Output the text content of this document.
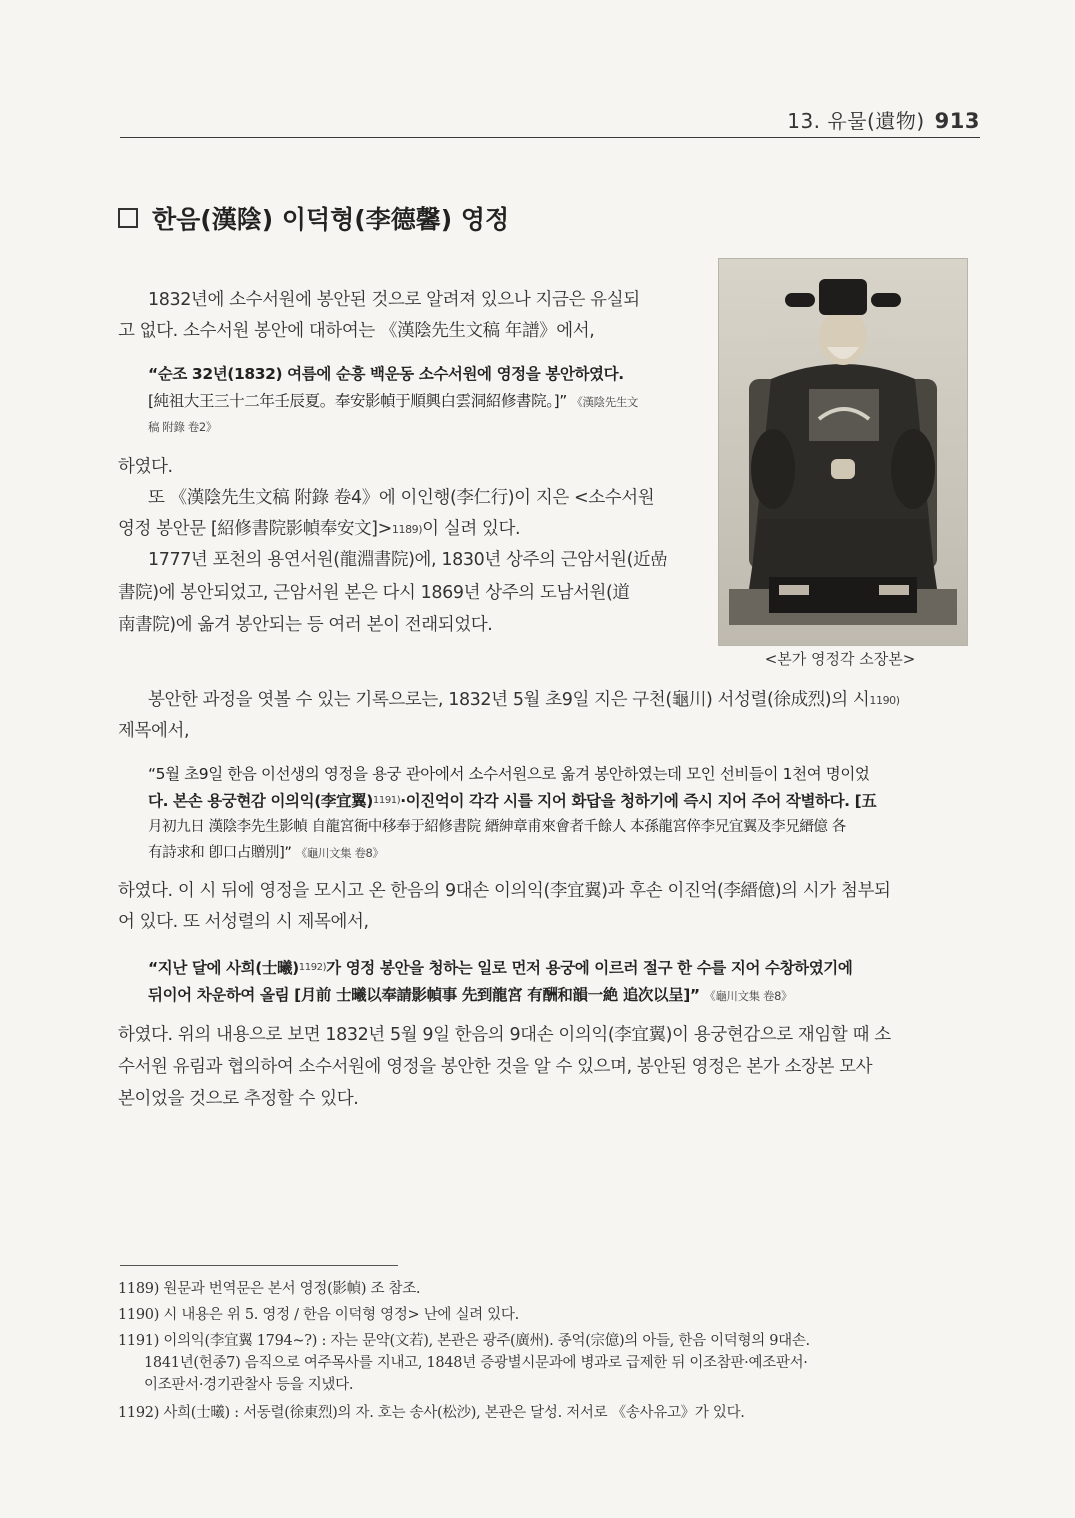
13. 유물(遺物) 913
한음(漢陰) 이덕형(李德馨) 영정
1832년에 소수서원에 봉안된 것으로 알려져 있으나 지금은 유실되
고 없다. 소수서원 봉안에 대하여는 《漢陰先生文稿 年譜》에서,
“순조 32년(1832) 여름에 순흥 백운동 소수서원에 영정을 봉안하였다.
[純祖大王三十二年壬辰夏。奉安影幀于順興白雲洞紹修書院。]” 《漢陰先生文
稿 附錄 卷2》
하였다.
또 《漢陰先生文稿 附錄 卷4》에 이인행(李仁行)이 지은 <소수서원
영정 봉안문 [紹修書院影幀奉安文]>$^{1189)}$이 실려 있다.
1777년 포천의 용연서원(龍淵書院)에, 1830년 상주의 근암서원(近嵒
書院)에 봉안되었고, 근암서원 본은 다시 1869년 상주의 도남서원(道
南書院)에 옮겨 봉안되는 등 여러 본이 전래되었다.
봉안한 과정을 엿볼 수 있는 기록으로는, 1832년 5월 초9일 지은 구천(龜川) 서성렬(徐成烈)의 시$^{1190)}$
제목에서,
“5월 초9일 한음 이선생의 영정을 용궁 관아에서 소수서원으로 옮겨 봉안하였는데 모인 선비들이 1천여 명이었
다. 본손 용궁현감 이의익(李宜翼)$^{1191)}$·이진억이 각각 시를 지어 화답을 청하기에 즉시 지어 주어 작별하다. [五
月初九日 漢陰李先生影幀 自龍宮衙中移奉于紹修書院 縉紳章甫來會者千餘人 本孫龍宮倅李兄宜翼及李兄縉億 各
有詩求和 卽口占贈別]” 《龜川文集 卷8》
하였다. 이 시 뒤에 영정을 모시고 온 한음의 9대손 이의익(李宜翼)과 후손 이진억(李縉億)의 시가 첨부되
어 있다. 또 서성렬의 시 제목에서,
“지난 달에 사희(士曦)$^{1192)}$가 영정 봉안을 청하는 일로 먼저 용궁에 이르러 절구 한 수를 지어 수창하였기에
뒤이어 차운하여 올림 [月前 士曦以奉請影幀事 先到龍宮 有酬和韻一絶 追次以呈]” 《龜川文集 卷8》
하였다. 위의 내용으로 보면 1832년 5월 9일 한음의 9대손 이의익(李宜翼)이 용궁현감으로 재임할 때 소
수서원 유림과 협의하여 소수서원에 영정을 봉안한 것을 알 수 있으며, 봉안된 영정은 본가 소장본 모사
본이었을 것으로 추정할 수 있다.
<본가 영정각 소장본>
1189) 원문과 번역문은 본서 영정(影幀) 조 참조.
1190) 시 내용은 위 5. 영정 / 한음 이덕형 영정> 난에 실려 있다.
1191) 이의익(李宜翼 1794~?) : 자는 문약(文若), 본관은 광주(廣州). 종억(宗億)의 아들, 한음 이덕형의 9대손.
1841년(헌종7) 음직으로 여주목사를 지내고, 1848년 증광별시문과에 병과로 급제한 뒤 이조참판·예조판서·
이조판서·경기관찰사 등을 지냈다.
1192) 사희(士曦) : 서동렬(徐東烈)의 자. 호는 송사(松沙), 본관은 달성. 저서로 《송사유고》가 있다.
